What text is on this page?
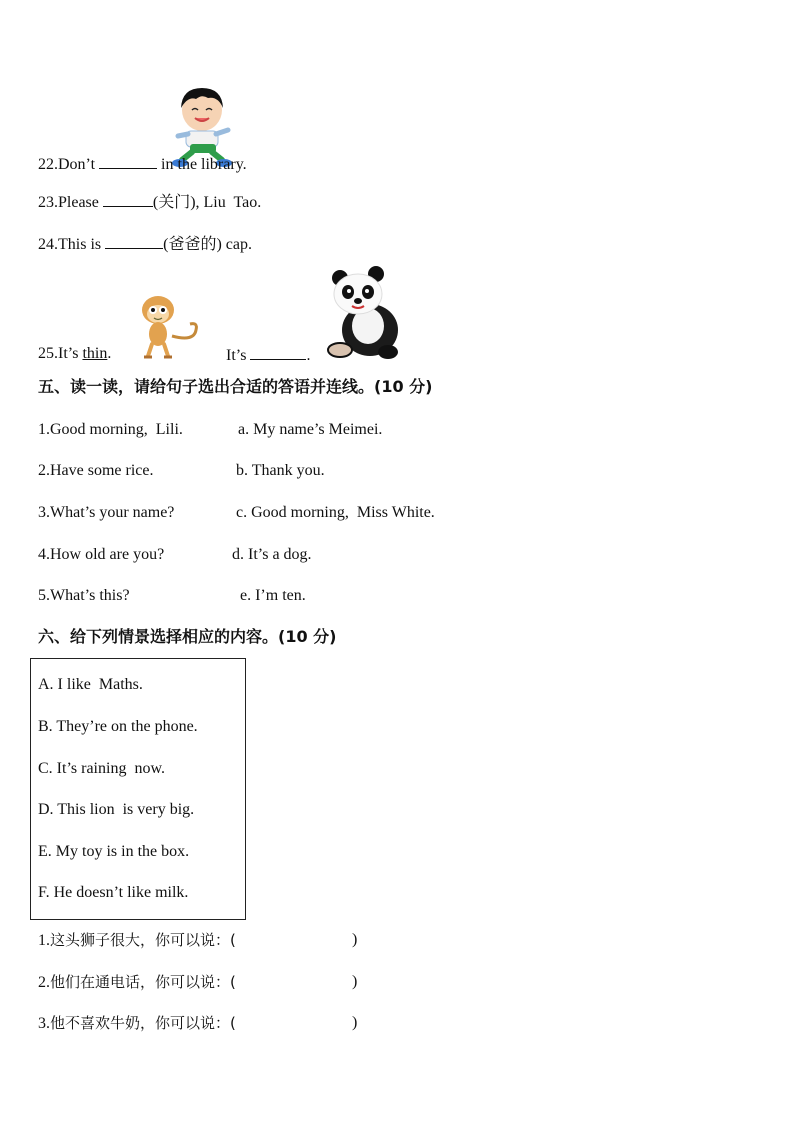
22.Don’t	in the library.
23.Please	(关门), Liu  Tao.
24.This is	(爸爸的) cap.
25.It’s thin.	It’s	.
五、读一读，请给句子选出合适的答语并连线。(10 分)
1.Good morning,  Lili.	a. My name’s Meimei.
2.Have some rice.	b. Thank you.
3.What’s your name?	c. Good morning,  Miss White.
4.How old are you?	d. It’s a dog.
5.What’s this?	e. I’m ten.
六、给下列情景选择相应的内容。(10 分)
A. I like  Maths.
B. They’re on the phone.
C. It’s raining  now.
D. This lion  is very big.
E. My toy is in the box.
F. He doesn’t like milk.
1.这头狮子很大，你可以说：(	)
2.他们在通电话，你可以说：(	)
3.他不喜欢牛奶，你可以说：(	)
